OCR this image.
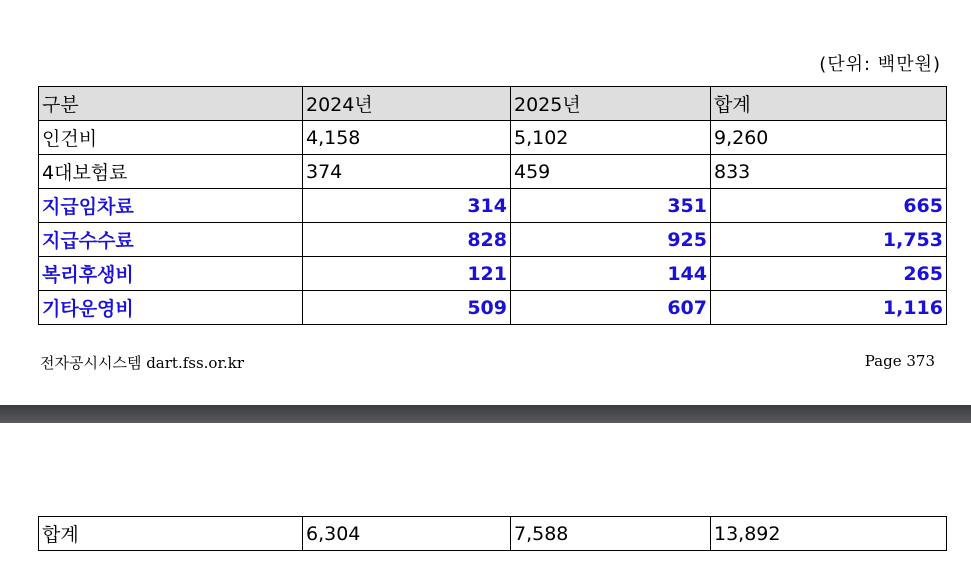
(단위: 백만원)
구분	2024년	2025년	합계
인건비	4,158	5,102	9,260
4대보험료	374	459	833
지급임차료	314	351	665
지급수수료	828	925	1,753
복리후생비	121	144	265
기타운영비	509	607	1,116
전자공시시스템 dart.fss.or.kr	Page 373
합계	6,304	7,588	13,892
